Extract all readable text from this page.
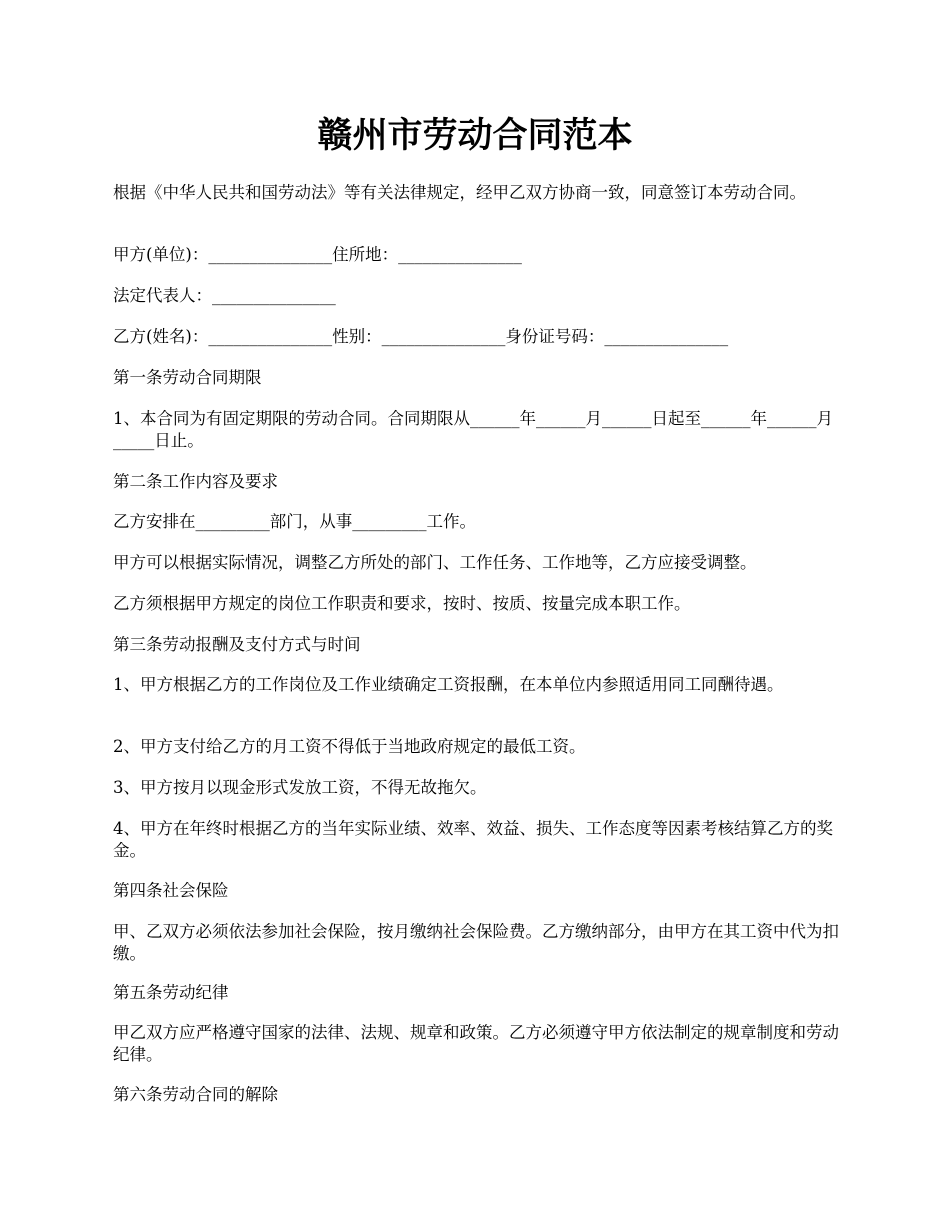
赣州市劳动合同范本

根据《中华人民共和国劳动法》等有关法律规定，经甲乙双方协商一致，同意签订本劳动合同。

甲方(单位)：_______________住所地：_______________

法定代表人：_______________

乙方(姓名)：_______________性别：_______________身份证号码：_______________

第一条劳动合同期限

1、本合同为有固定期限的劳动合同。合同期限从______年______月______日起至______年______月_____日止。

第二条工作内容及要求

乙方安排在_________部门，从事_________工作。

甲方可以根据实际情况，调整乙方所处的部门、工作任务、工作地等，乙方应接受调整。

乙方须根据甲方规定的岗位工作职责和要求，按时、按质、按量完成本职工作。

第三条劳动报酬及支付方式与时间

1、甲方根据乙方的工作岗位及工作业绩确定工资报酬，在本单位内参照适用同工同酬待遇。

2、甲方支付给乙方的月工资不得低于当地政府规定的最低工资。

3、甲方按月以现金形式发放工资，不得无故拖欠。

4、甲方在年终时根据乙方的当年实际业绩、效率、效益、损失、工作态度等因素考核结算乙方的奖金。

第四条社会保险

甲、乙双方必须依法参加社会保险，按月缴纳社会保险费。乙方缴纳部分，由甲方在其工资中代为扣缴。

第五条劳动纪律

甲乙双方应严格遵守国家的法律、法规、规章和政策。乙方必须遵守甲方依法制定的规章制度和劳动纪律。

第六条劳动合同的解除
